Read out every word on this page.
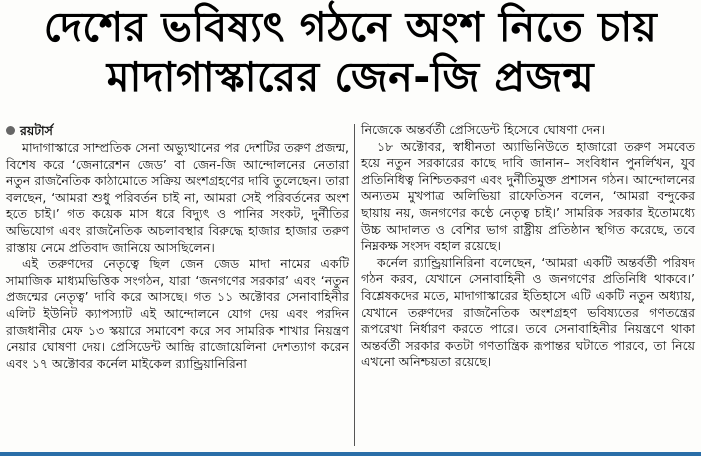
দেশের ভবিষ্যৎ গঠনে অংশ নিতে চায়
মাদাগাস্কারের জেন-জি প্রজন্ম
রয়টার্স

মাদাগাস্কারে সাম্প্রতিক সেনা অভ্যুত্থানের পর দেশটির তরুণ প্রজন্ম, বিশেষ করে ‘জেনারেশন জেড’ বা জেন-জি আন্দোলনের নেতারা নতুন রাজনৈতিক কাঠামোতে সক্রিয় অংশগ্রহণের দাবি তুলেছেন। তারা বলছেন, ‘আমরা শুধু পরিবর্তন চাই না, আমরা সেই পরিবর্তনের অংশ হতে চাই।’ গত কয়েক মাস ধরে বিদ্যুৎ ও পানির সংকট, দুর্নীতির অভিযোগ এবং রাজনৈতিক অচলাবস্থার বিরুদ্ধে হাজার হাজার তরুণ রাস্তায় নেমে প্রতিবাদ জানিয়ে আসছিলেন।

এই তরুণদের নেতৃত্বে ছিল জেন জেড মাদা নামের একটি সামাজিক মাধ্যমভিত্তিক সংগঠন, যারা ‘জনগণের সরকার’ এবং ‘নতুন প্রজন্মের নেতৃত্ব’ দাবি করে আসছে। গত ১১ অক্টোবর সেনাবাহিনীর এলিট ইউনিট ক্যাপস্যাট এই আন্দোলনে যোগ দেয় এবং পরদিন রাজধানীর মেফ ১৩ স্কয়ারে সমাবেশ করে সব সামরিক শাখার নিয়ন্ত্রণ নেয়ার ঘোষণা দেয়। প্রেসিডেন্ট আন্দ্রি রাজোয়েলিনা দেশত্যাগ করেন এবং ১৭ অক্টোবর কর্নেল মাইকেল র‍্যান্ড্রিয়ানিরিনা

নিজেকে অন্তর্বর্তী প্রেসিডেন্ট হিসেবে ঘোষণা দেন।

১৮ অক্টোবর, স্বাধীনতা অ্যাভিনিউতে হাজারো তরুণ সমবেত হয়ে নতুন সরকারের কাছে দাবি জানান– সংবিধান পুনর্লিখন, যুব প্রতিনিধিত্ব নিশ্চিতকরণ এবং দুর্নীতিমুক্ত প্রশাসন গঠন। আন্দোলনের অন্যতম মুখপাত্র অলিভিয়া রাফেতিসন বলেন, ‘আমরা বন্দুকের ছায়ায় নয়, জনগণের কণ্ঠে নেতৃত্ব চাই।’ সামরিক সরকার ইতোমধ্যে উচ্চ আদালত ও বেশির ভাগ রাষ্ট্রীয় প্রতিষ্ঠান স্থগিত করেছে, তবে নিম্নকক্ষ সংসদ বহাল রয়েছে।

কর্নেল র‍্যান্ড্রিয়ানিরিনা বলেছেন, ‘আমরা একটি অন্তর্বর্তী পরিষদ গঠন করব, যেখানে সেনাবাহিনী ও জনগণের প্রতিনিধি থাকবে।’ বিশ্লেষকদের মতে, মাদাগাস্কারের ইতিহাসে এটি একটি নতুন অধ্যায়, যেখানে তরুণদের রাজনৈতিক অংশগ্রহণ ভবিষ্যতের গণতন্ত্রের রূপরেখা নির্ধারণ করতে পারে। তবে সেনাবাহিনীর নিয়ন্ত্রণে থাকা অন্তর্বর্তী সরকার কতটা গণতান্ত্রিক রূপান্তর ঘটাতে পারবে, তা নিয়ে এখনো অনিশ্চয়তা রয়েছে।
